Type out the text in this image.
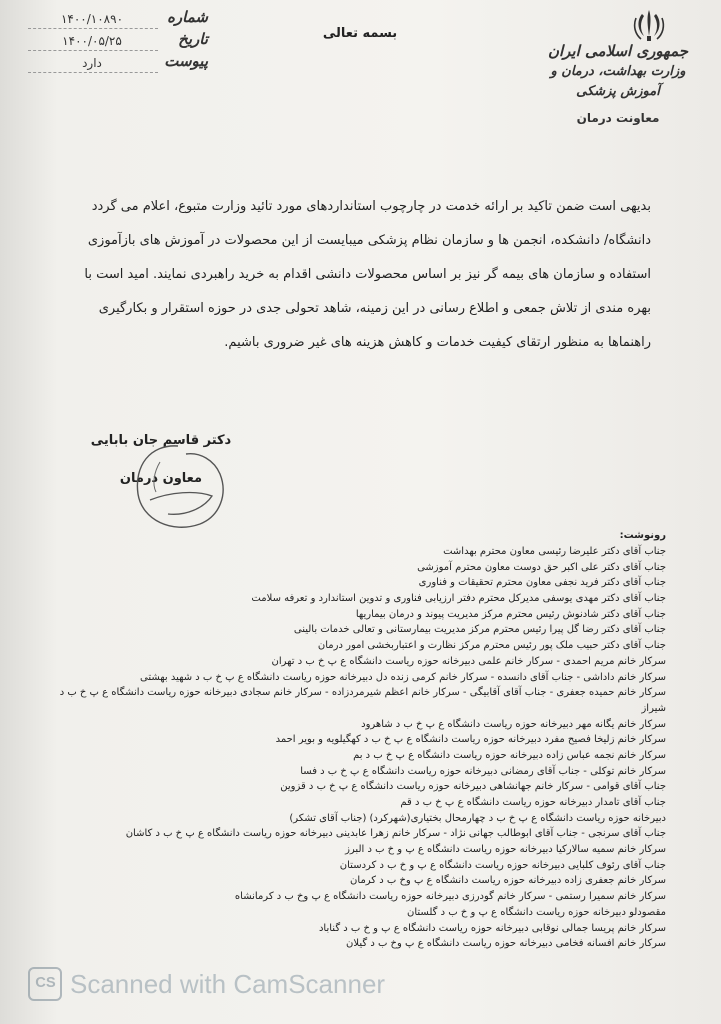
بسمه تعالی
شماره
۱۴۰۰/۱۰۸۹۰
تاریخ
۱۴۰۰/۰۵/۲۵
پیوست
دارد
جمهوری اسلامی ایران
وزارت بهداشت، درمان و آموزش پزشکی
معاونت درمان
بدیهی است ضمن تاکید بر ارائه خدمت در چارچوب استانداردهای مورد تائید وزارت متبوع، اعلام می گردد
دانشگاه/ دانشکده، انجمن ها و سازمان نظام پزشکی میبایست از این محصولات در آموزش های بازآموزی
استفاده و سازمان های بیمه گر نیز بر اساس محصولات دانشی اقدام به خرید راهبردی نمایند. امید است با
بهره مندی از تلاش جمعی و اطلاع رسانی در این زمینه، شاهد تحولی جدی در حوزه استقرار و بکارگیری
راهنماها به منظور ارتقای کیفیت خدمات و کاهش هزینه های غیر ضروری باشیم.
دکتر قاسم جان بابایی
معاون درمان
رونوشت:
جناب آقای دکتر علیرضا رئیسی معاون محترم بهداشت
جناب آقای دکتر علی اکبر حق دوست معاون محترم آموزشی
جناب آقای دکتر فرید نجفی معاون محترم تحقیقات و فناوری
جناب آقای دکتر مهدی یوسفی مدیرکل محترم دفتر ارزیابی فناوری و تدوین استاندارد و تعرفه سلامت
جناب آقای دکتر شادنوش رئیس محترم مرکز مدیریت پیوند و درمان بیماریها
جناب آقای دکتر رضا گل پیرا رئیس محترم مرکز مدیریت بیمارستانی و تعالی خدمات بالینی
جناب آقای دکتر حبیب ملک پور رئیس محترم مرکز نظارت و اعتباربخشی امور درمان
سرکار خانم مریم احمدی - سرکار خانم علمی دبیرخانه حوزه ریاست دانشگاه ع پ خ ب د تهران
سرکار خانم داداشی - جناب آقای دانسده - سرکار خانم کرمی زنده دل دبیرخانه حوزه ریاست دانشگاه ع پ خ ب د شهید بهشتی
سرکار خانم حمیده جعفری - جناب آقای آقابیگی - سرکار خانم اعظم شیرمردزاده - سرکار خانم سجادی دبیرخانه حوزه ریاست دانشگاه ع پ خ ب د
شیراز
سرکار خانم یگانه مهر دبیرخانه حوزه ریاست دانشگاه ع پ خ ب د شاهرود
سرکار خانم زلیخا فصیح مفرد دبیرخانه حوزه ریاست دانشگاه ع پ خ ب د کهگیلویه و بویر احمد
سرکار خانم نجمه عباس زاده دبیرخانه حوزه ریاست دانشگاه ع پ خ ب د بم
سرکار خانم توکلی - جناب آقای رمضانی دبیرخانه حوزه ریاست دانشگاه ع پ خ ب د فسا
جناب آقای قوامی - سرکار خانم جهانشاهی دبیرخانه حوزه ریاست دانشگاه ع پ خ ب د قزوین
جناب آقای تامدار دبیرخانه حوزه ریاست دانشگاه ع پ خ ب د قم
دبیرخانه حوزه ریاست دانشگاه ع پ خ ب د چهارمحال بختیاری(شهرکرد) (جناب آقای تشکر)
جناب آقای سرنجی - جناب آقای ابوطالب جهانی نژاد - سرکار خانم زهرا عابدینی دبیرخانه حوزه ریاست دانشگاه ع پ خ ب د کاشان
سرکار خانم سمیه سالارکیا دبیرخانه حوزه ریاست دانشگاه ع پ و خ ب د البرز
جناب آقای رئوف کلبایی دبیرخانه حوزه ریاست دانشگاه ع پ و خ ب د کردستان
سرکار خانم جعفری زاده دبیرخانه حوزه ریاست دانشگاه ع پ وخ ب د کرمان
سرکار خانم سمیرا رستمی - سرکار خانم گودرزی دبیرخانه حوزه ریاست دانشگاه ع پ وخ ب د کرمانشاه
مقصودلو دبیرخانه حوزه ریاست دانشگاه ع پ و خ ب د گلستان
سرکار خانم پریسا جمالی نوقابی دبیرخانه حوزه ریاست دانشگاه ع پ و خ ب د گناباد
سرکار خانم افسانه فخامی دبیرخانه حوزه ریاست دانشگاه ع پ وخ ب د گیلان
CS Scanned with CamScanner
